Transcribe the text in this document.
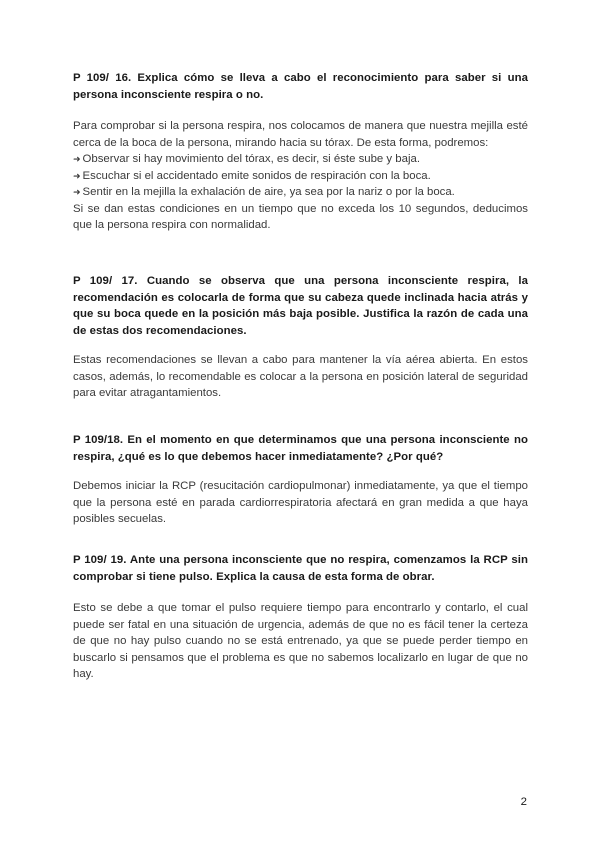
P 109/ 16. Explica cómo se lleva a cabo el reconocimiento para saber si una persona inconsciente respira o no.

Para comprobar si la persona respira, nos colocamos de manera que nuestra mejilla esté cerca de la boca de la persona, mirando hacia su tórax. De esta forma, podremos:

➜ Observar si hay movimiento del tórax, es decir, si éste sube y baja.
➜ Escuchar si el accidentado emite sonidos de respiración con la boca.
➜ Sentir en la mejilla la exhalación de aire, ya sea por la nariz o por la boca.

Si se dan estas condiciones en un tiempo que no exceda los 10 segundos, deducimos que la persona respira con normalidad.

P 109/ 17. Cuando se observa que una persona inconsciente respira, la recomendación es colocarla de forma que su cabeza quede inclinada hacia atrás y que su boca quede en la posición más baja posible. Justifica la razón de cada una de estas dos recomendaciones.

Estas recomendaciones se llevan a cabo para mantener la vía aérea abierta. En estos casos, además, lo recomendable es colocar a la persona en posición lateral de seguridad para evitar atragantamientos.

P 109/18. En el momento en que determinamos que una persona inconsciente no respira, ¿qué es lo que debemos hacer inmediatamente? ¿Por qué?

Debemos iniciar la RCP (resucitación cardiopulmonar) inmediatamente, ya que el tiempo que la persona esté en parada cardiorrespiratoria afectará en gran medida a que haya posibles secuelas.

P 109/ 19. Ante una persona inconsciente que no respira, comenzamos la RCP sin comprobar si tiene pulso. Explica la causa de esta forma de obrar.

Esto se debe a que tomar el pulso requiere tiempo para encontrarlo y contarlo, el cual puede ser fatal en una situación de urgencia, además de que no es fácil tener la certeza de que no hay pulso cuando no se está entrenado, ya que se puede perder tiempo en buscarlo si pensamos que el problema es que no sabemos localizarlo en lugar de que no hay.

2
